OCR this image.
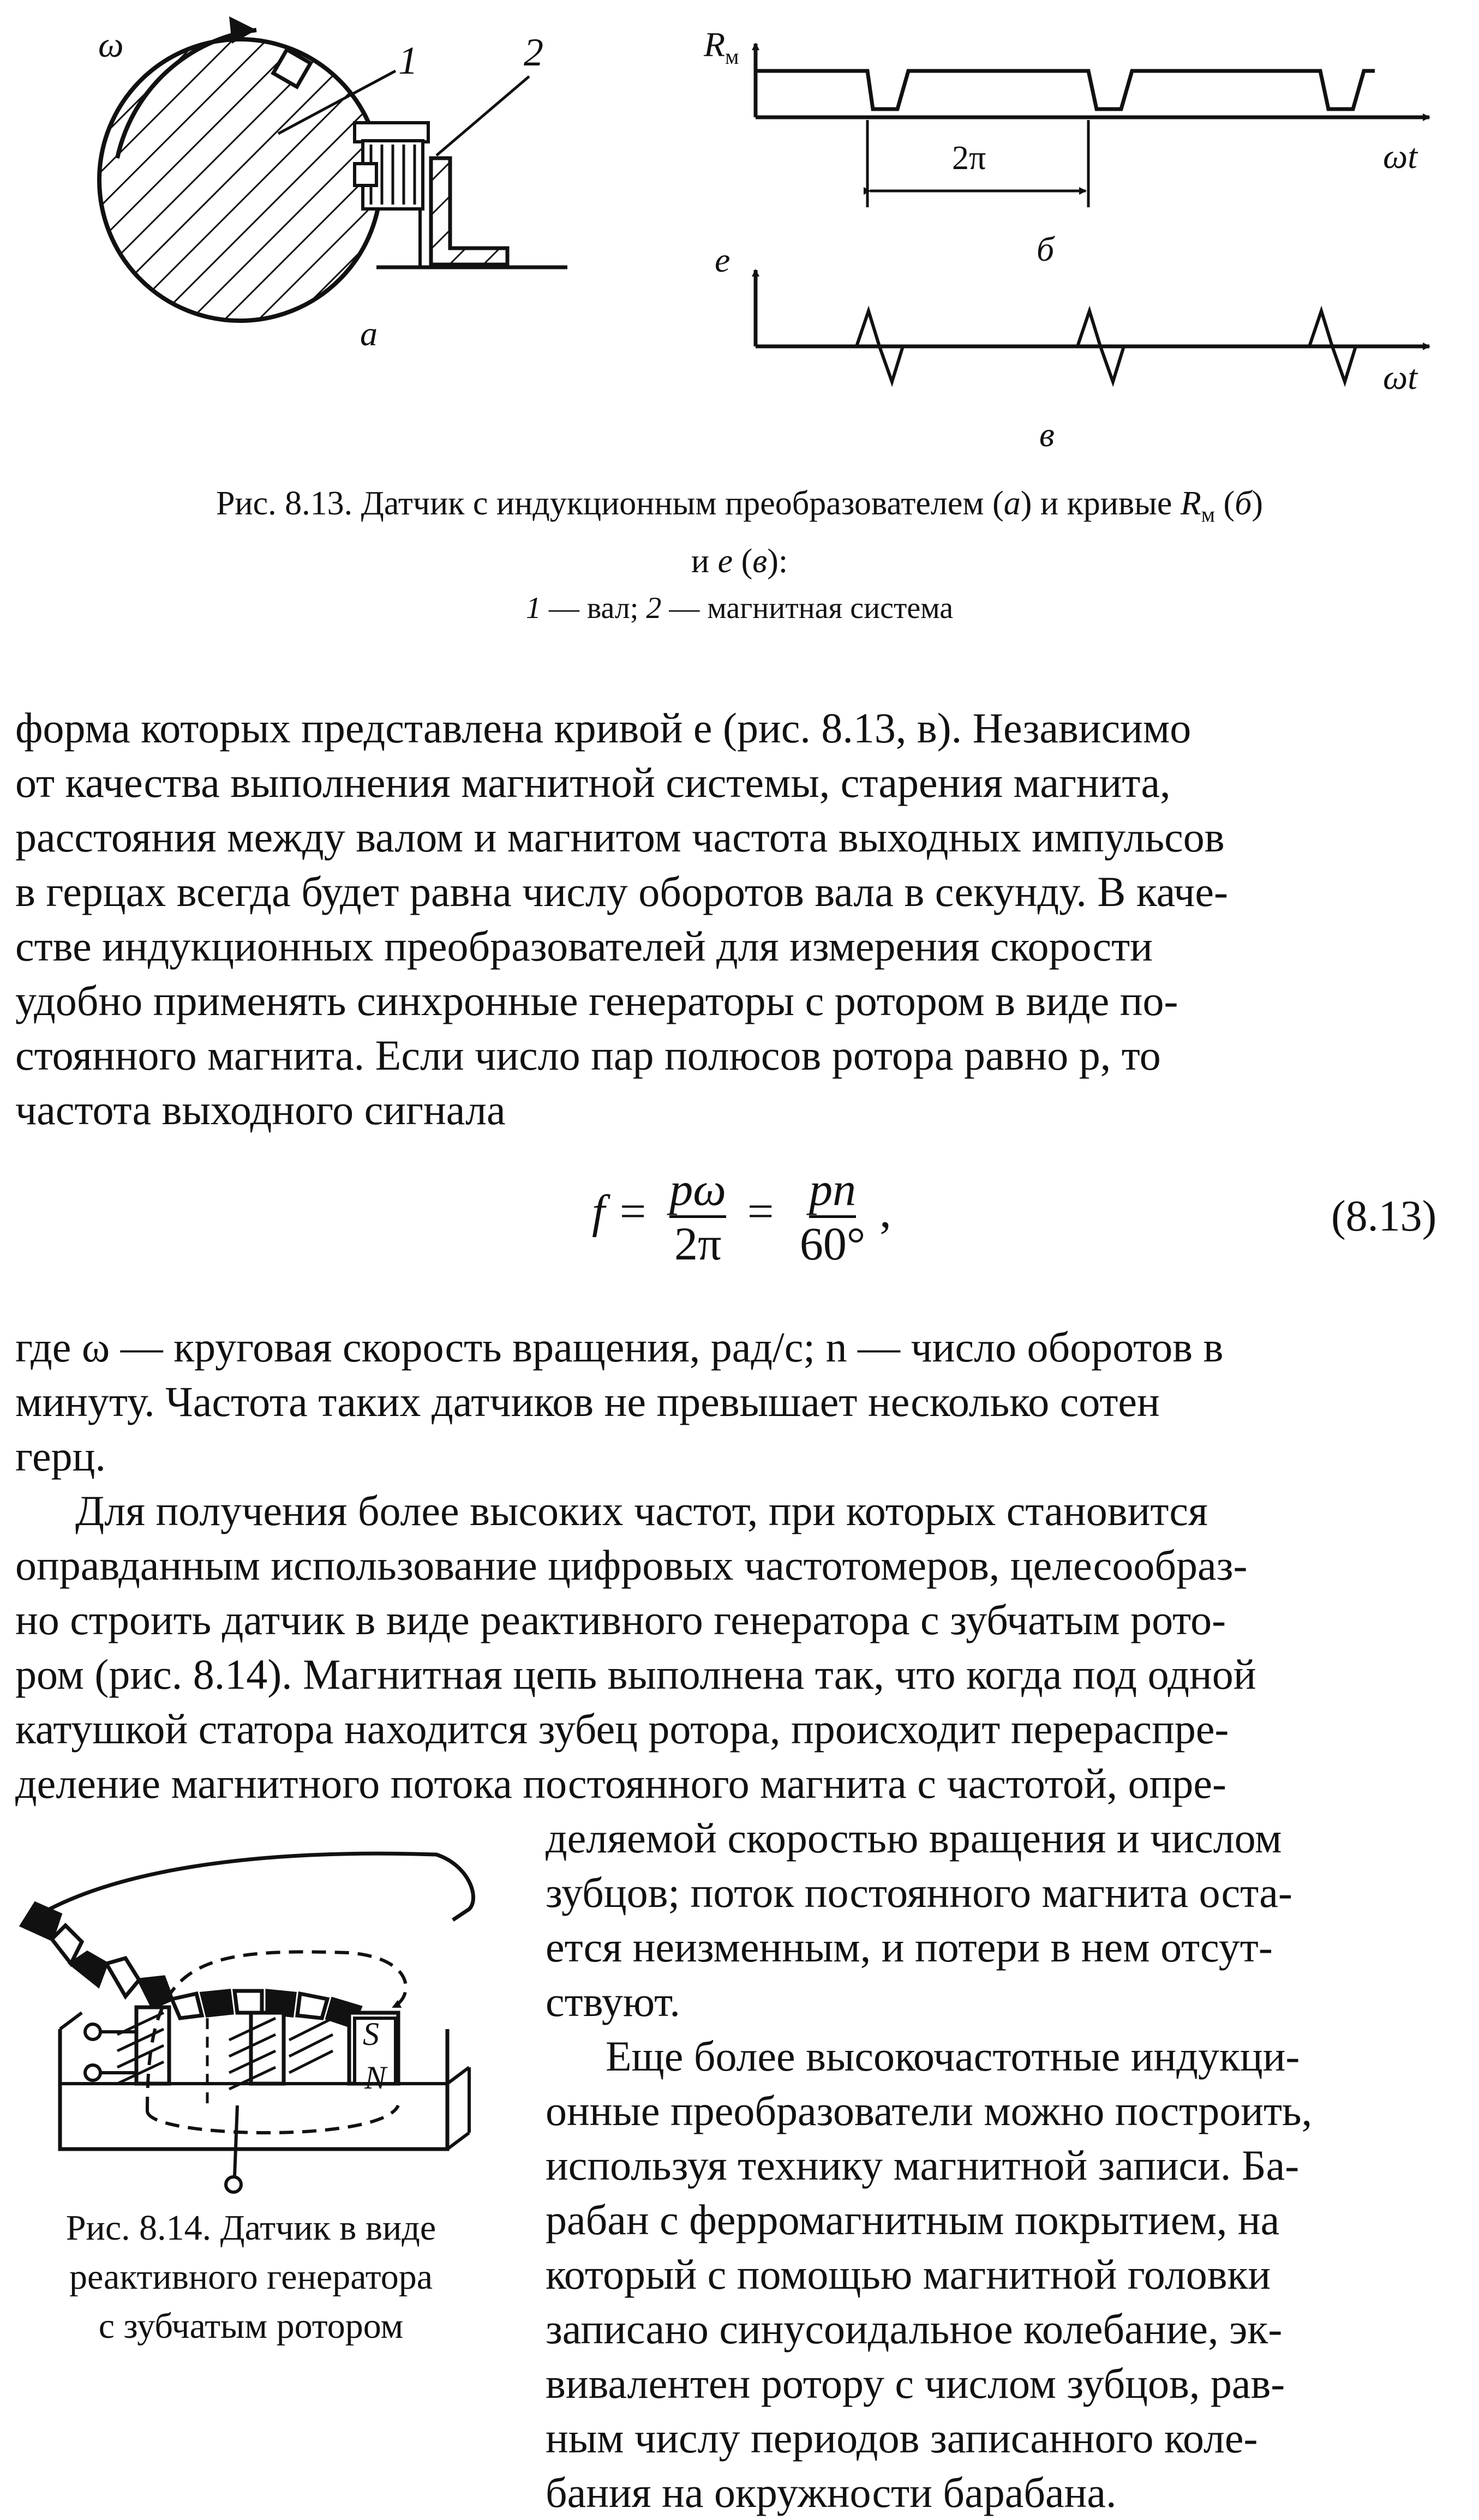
ω	1	2
а
$R_м$
2π	ωt
б
e
ωt
в
Рис. 8.13. Датчик с индукционным преобразователем (а) и кривые $R_м$ (б)
и e (в):
1 — вал; 2 — магнитная система

форма которых представлена кривой e (рис. 8.13, в). Независимо

от качества выполнения магнитной системы, старения магнита,

расстояния между валом и магнитом частота выходных импульсов

в герцах всегда будет равна числу оборотов вала в секунду. В каче-

стве индукционных преобразователей для измерения скорости

удобно применять синхронные генераторы с ротором в виде по-

стоянного магнита. Если число пар полюсов ротора равно p, то

частота выходного сигнала

$f = \frac{p\omega}{2\pi} = \frac{pn}{60^\circ}$ ,	(8.13)

где ω — круговая скорость вращения, рад/с; n — число оборотов в

минуту. Частота таких датчиков не превышает несколько сотен

герц.

Для получения более высоких частот, при которых становится

оправданным использование цифровых частотомеров, целесообраз-

но строить датчик в виде реактивного генератора с зубчатым рото-

ром (рис. 8.14). Магнитная цепь выполнена так, что когда под одной

катушкой статора находится зубец ротора, происходит перераспре-

деление магнитного потока постоянного магнита с частотой, опре-

деляемой скоростью вращения и числом

зубцов; поток постоянного магнита оста-

ется неизменным, и потери в нем отсут-

ствуют.

Еще более высокочастотные индукци-

онные преобразователи можно построить,

используя технику магнитной записи. Ба-

рабан с ферромагнитным покрытием, на

который с помощью магнитной головки

записано синусоидальное колебание, эк-

вивалентен ротору с числом зубцов, рав-

ным числу периодов записанного коле-

бания на окружности барабана.

S
N
Рис. 8.14. Датчик в виде
реактивного генератора
с зубчатым ротором
